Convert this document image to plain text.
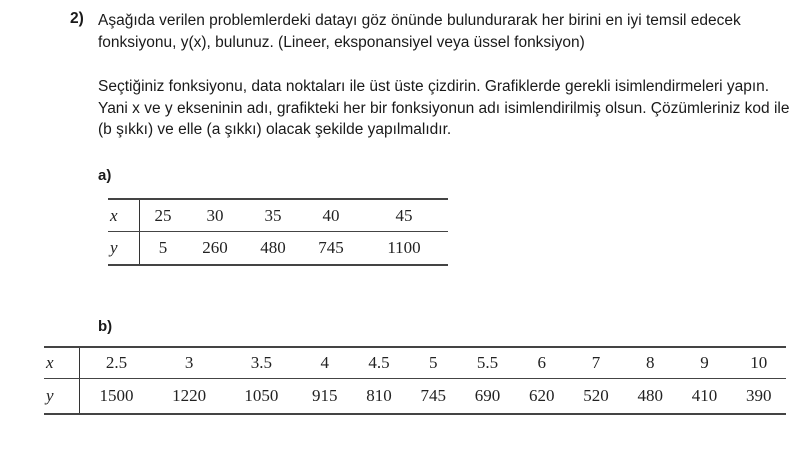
2) Aşağıda verilen problemlerdeki datayı göz önünde bulundurarak her birini en iyi temsil edecek fonksiyonu, y(x), bulunuz. (Lineer, eksponansiyel veya üssel fonksiyon)
Seçtiğiniz fonksiyonu, data noktaları ile üst üste çizdirin. Grafiklerde gerekli isimlendirmeleri yapın. Yani x ve y ekseninin adı, grafikteki her bir fonksiyonun adı isimlendirilmiş olsun. Çözümleriniz kod ile (b şıkkı) ve elle (a şıkkı) olacak şekilde yapılmalıdır.
a)
x	25	30	35	40	45
y	5	260	480	745	1100
b)
x	2.5	3	3.5	4	4.5	5	5.5	6	7	8	9	10
y	1500	1220	1050	915	810	745	690	620	520	480	410	390
